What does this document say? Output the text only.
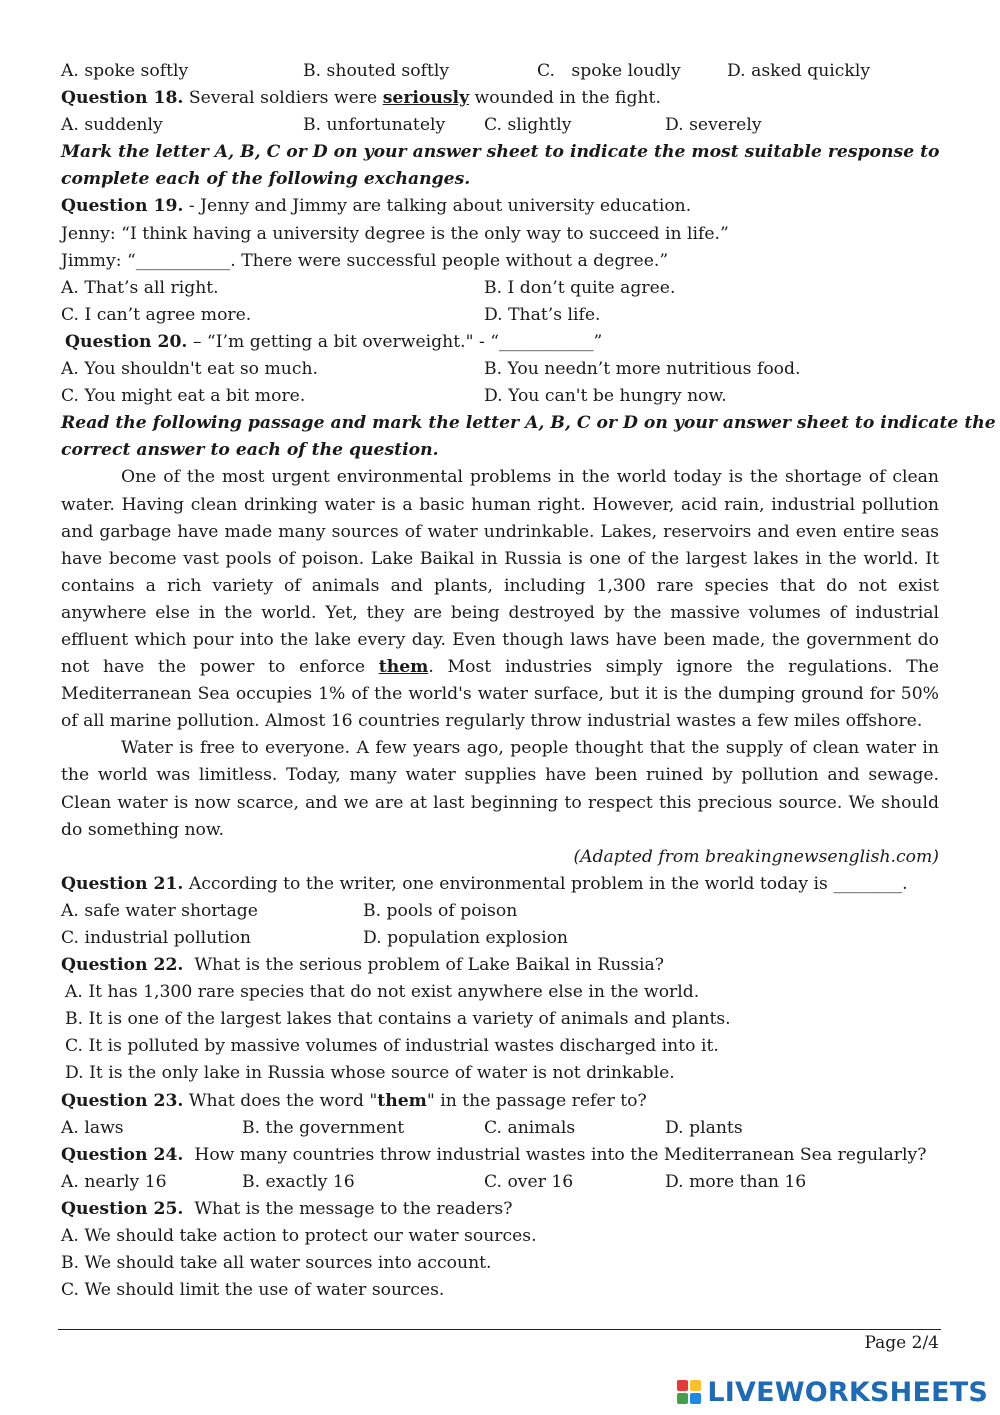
A. spoke softly	B. shouted softly	C.   spoke loudly	D. asked quickly
Question 18. Several soldiers were seriously wounded in the fight.
A. suddenly	B. unfortunately C. slightly	D. severely
Mark the letter A, B, C or D on your answer sheet to indicate the most suitable response to
complete each of the following exchanges.
Question 19. - Jenny and Jimmy are talking about university education.
Jenny: “I think having a university degree is the only way to succeed in life.”
Jimmy: “___________. There were successful people without a degree.”
A. That’s all right.	B. I don’t quite agree.
C. I can’t agree more.	D. That’s life.
Question 20. – “I’m getting a bit overweight." - “___________”
A. You shouldn't eat so much.	B. You needn’t more nutritious food.
C. You might eat a bit more.	D. You can't be hungry now.
Read the following passage and mark the letter A, B, C or D on your answer sheet to indicate the
correct answer to each of the question.

One of the most urgent environmental problems in the world today is the shortage of clean water. Having clean drinking water is a basic human right. However, acid rain, industrial pollution and garbage have made many sources of water undrinkable. Lakes, reservoirs and even entire seas have become vast pools of poison. Lake Baikal in Russia is one of the largest lakes in the world. It contains a rich variety of animals and plants, including 1,300 rare species that do not exist anywhere else in the world. Yet, they are being destroyed by the massive volumes of industrial effluent which pour into the lake every day. Even though laws have been made, the government do not have the power to enforce them. Most industries simply ignore the regulations. The Mediterranean Sea occupies 1% of the world's water surface, but it is the dumping ground for 50% of all marine pollution. Almost 16 countries regularly throw industrial wastes a few miles offshore.

Water is free to everyone. A few years ago, people thought that the supply of clean water in the world was limitless. Today, many water supplies have been ruined by pollution and sewage. Clean water is now scarce, and we are at last beginning to respect this precious source. We should do something now.

(Adapted from breakingnewsenglish.com)
Question 21. According to the writer, one environmental problem in the world today is ________.
A. safe water shortage	B. pools of poison
C. industrial pollution	D. population explosion
Question 22.  What is the serious problem of Lake Baikal in Russia?
A. It has 1,300 rare species that do not exist anywhere else in the world.
B. It is one of the largest lakes that contains a variety of animals and plants.
C. It is polluted by massive volumes of industrial wastes discharged into it.
D. It is the only lake in Russia whose source of water is not drinkable.
Question 23. What does the word "them" in the passage refer to?
A. laws	B. the government	C. animals	D. plants
Question 24.  How many countries throw industrial wastes into the Mediterranean Sea regularly?
A. nearly 16	B. exactly 16	C. over 16	D. more than 16
Question 25.  What is the message to the readers?
A. We should take action to protect our water sources.
B. We should take all water sources into account.
C. We should limit the use of water sources.
Page 2/4
LIVEWORKSHEETS
